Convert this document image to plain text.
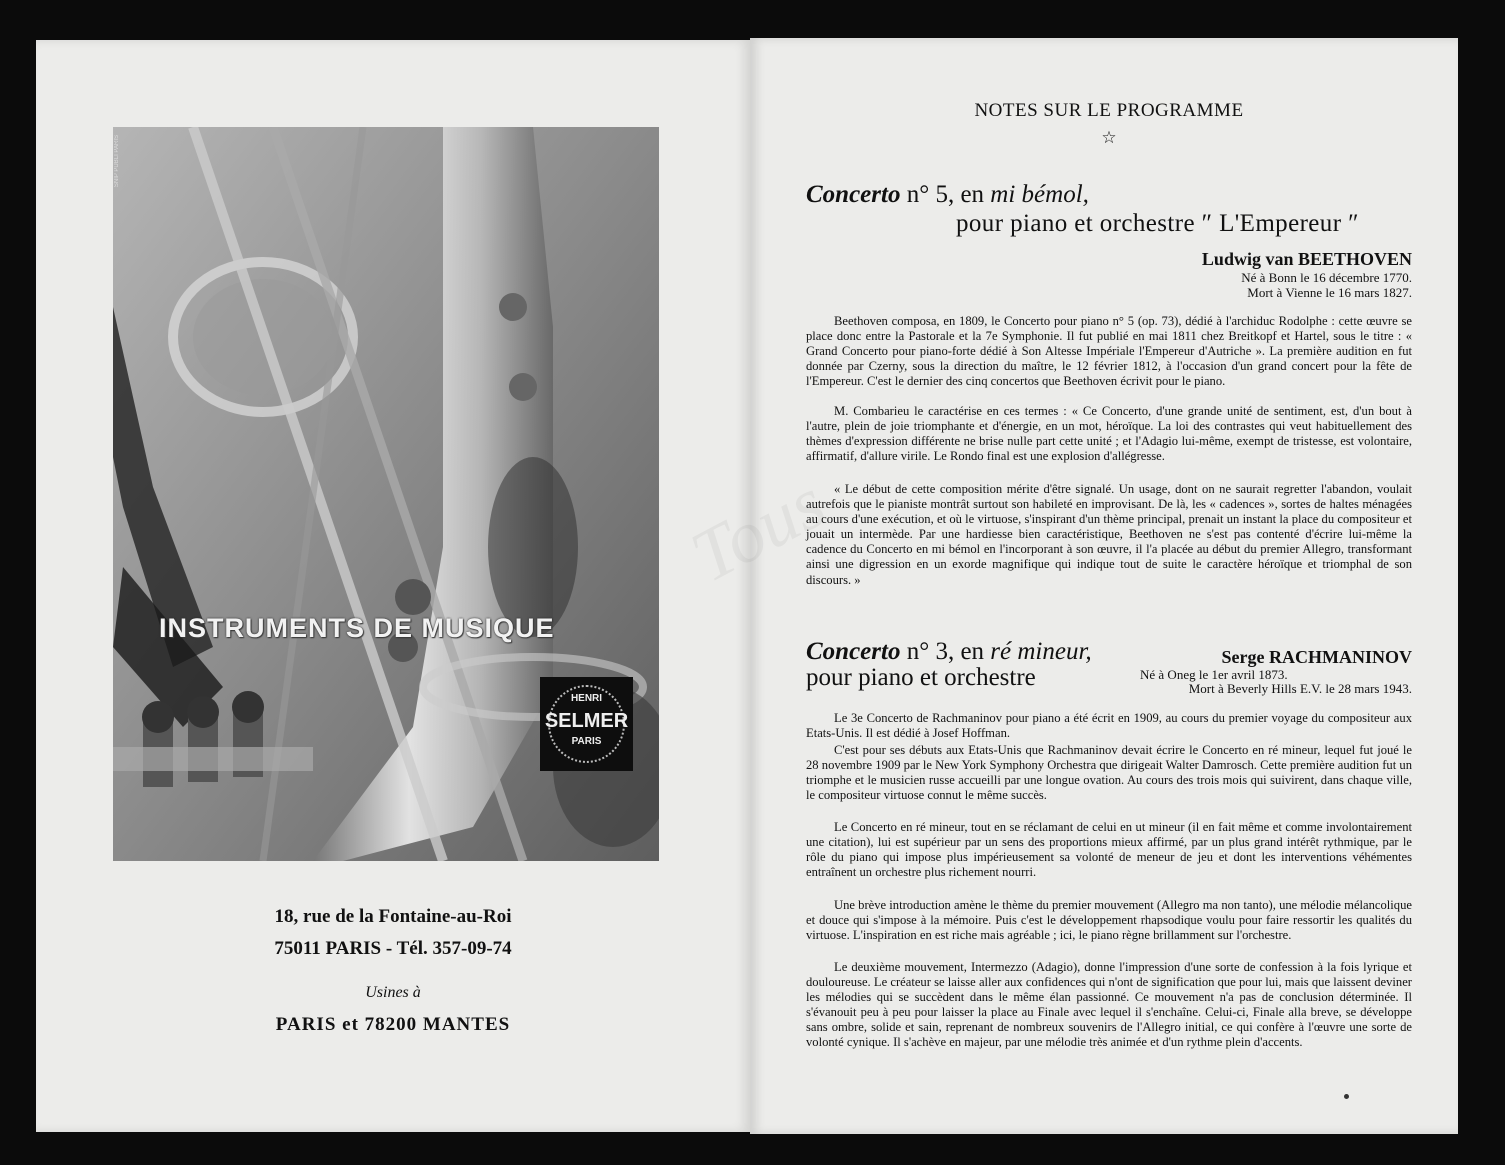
SNIP PUBLI PARIS
INSTRUMENTS DE MUSIQUE
HENRI
SELMER
PARIS
18, rue de la Fontaine-au-Roi
75011 PARIS - Tél. 357-09-74
Usines à
PARIS et 78200 MANTES
NOTES SUR LE PROGRAMME
☆
Concerto n° 5, en mi bémol,
pour piano et orchestre ″ L'Empereur ″
Ludwig van BEETHOVEN
Né à Bonn le 16 décembre 1770.
Mort à Vienne le 16 mars 1827.
Beethoven composa, en 1809, le Concerto pour piano n° 5 (op. 73), dédié à l'archiduc Rodolphe : cette œuvre se place donc entre la Pastorale et la 7e Symphonie. Il fut publié en mai 1811 chez Breitkopf et Hartel, sous le titre : « Grand Concerto pour piano-forte dédié à Son Altesse Impériale l'Empereur d'Autriche ». La première audition en fut donnée par Czerny, sous la direction du maître, le 12 février 1812, à l'occasion d'un grand concert pour la fête de l'Empereur. C'est le dernier des cinq concertos que Beethoven écrivit pour le piano.
M. Combarieu le caractérise en ces termes : « Ce Concerto, d'une grande unité de sentiment, est, d'un bout à l'autre, plein de joie triomphante et d'énergie, en un mot, héroïque. La loi des contrastes qui veut habituellement des thèmes d'expression différente ne brise nulle part cette unité ; et l'Adagio lui-même, exempt de tristesse, est volontaire, affirmatif, d'allure virile. Le Rondo final est une explosion d'allégresse.
« Le début de cette composition mérite d'être signalé. Un usage, dont on ne saurait regretter l'abandon, voulait autrefois que le pianiste montrât surtout son habileté en improvisant. De là, les « cadences », sortes de haltes ménagées au cours d'une exécution, et où le virtuose, s'inspirant d'un thème principal, prenait un instant la place du compositeur et jouait un intermède. Par une hardiesse bien caractéristique, Beethoven ne s'est pas contenté d'écrire lui-même la cadence du Concerto en mi bémol en l'incorporant à son œuvre, il l'a placée au début du premier Allegro, transformant ainsi une digression en un exorde magnifique qui indique tout de suite le caractère héroïque et triomphal de son discours. »
Concerto n° 3, en ré mineur,
pour piano et orchestre
Serge RACHMANINOV
Né à Oneg le 1er avril 1873.
Mort à Beverly Hills E.V. le 28 mars 1943.
Le 3e Concerto de Rachmaninov pour piano a été écrit en 1909, au cours du premier voyage du compositeur aux Etats-Unis. Il est dédié à Josef Hoffman.
C'est pour ses débuts aux Etats-Unis que Rachmaninov devait écrire le Concerto en ré mineur, lequel fut joué le 28 novembre 1909 par le New York Symphony Orchestra que dirigeait Walter Damrosch. Cette première audition fut un triomphe et le musicien russe accueilli par une longue ovation. Au cours des trois mois qui suivirent, dans chaque ville, le compositeur virtuose connut le même succès.
Le Concerto en ré mineur, tout en se réclamant de celui en ut mineur (il en fait même et comme involontairement une citation), lui est supérieur par un sens des proportions mieux affirmé, par un plus grand intérêt rythmique, par le rôle du piano qui impose plus impérieusement sa volonté de meneur de jeu et dont les interventions véhémentes entraînent un orchestre plus richement nourri.
Une brève introduction amène le thème du premier mouvement (Allegro ma non tanto), une mélodie mélancolique et douce qui s'impose à la mémoire. Puis c'est le développement rhapsodique voulu pour faire ressortir les qualités du virtuose. L'inspiration en est riche mais agréable ; ici, le piano règne brillamment sur l'orchestre.
Le deuxième mouvement, Intermezzo (Adagio), donne l'impression d'une sorte de confession à la fois lyrique et douloureuse. Le créateur se laisse aller aux confidences qui n'ont de signification que pour lui, mais que laissent deviner les mélodies qui se succèdent dans le même élan passionné. Ce mouvement n'a pas de conclusion déterminée. Il s'évanouit peu à peu pour laisser la place au Finale avec lequel il s'enchaîne. Celui-ci, Finale alla breve, se développe sans ombre, solide et sain, reprenant de nombreux souvenirs de l'Allegro initial, ce qui confère à l'œuvre une sorte de volonté cynique. Il s'achève en majeur, par une mélodie très animée et d'un rythme plein d'accents.
